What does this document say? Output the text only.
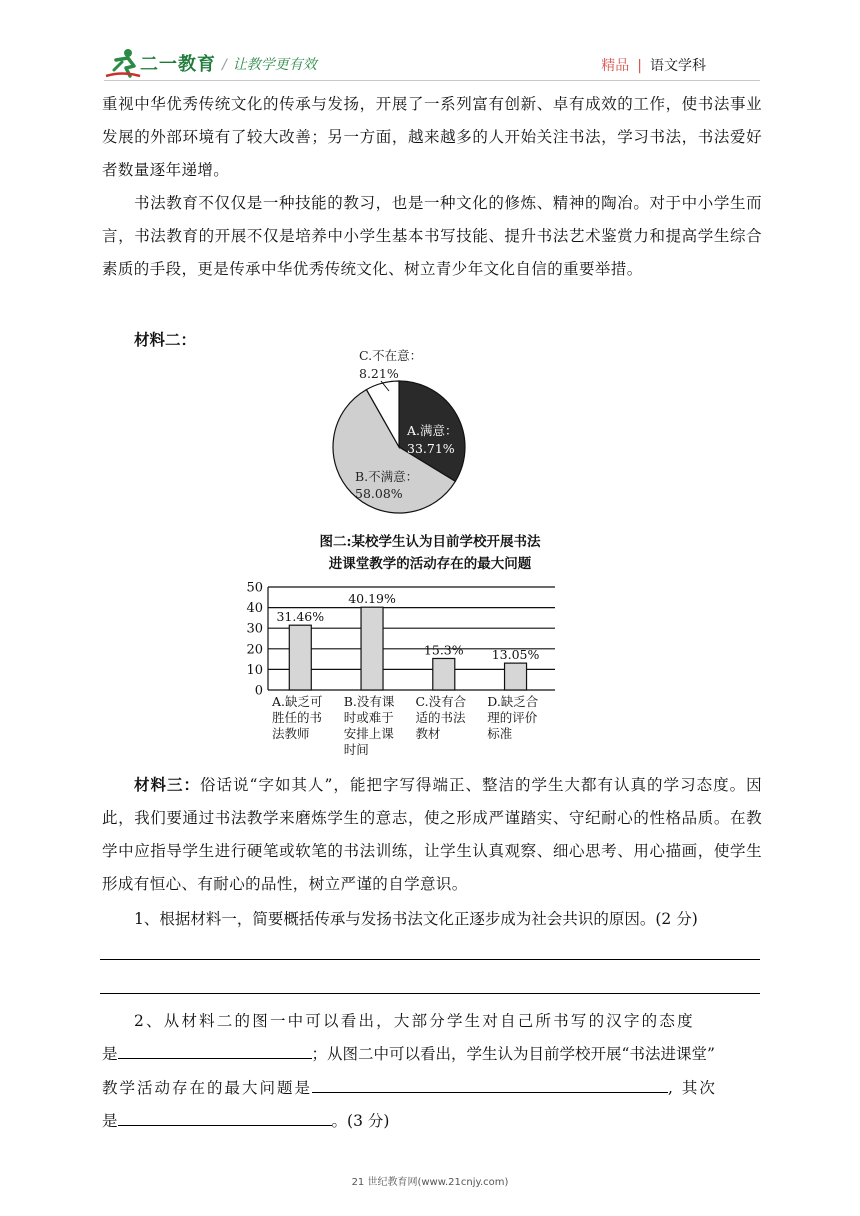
二一教育 / 让教学更有效	精品 | 语文学科
重视中华优秀传统文化的传承与发扬，开展了一系列富有创新、卓有成效的工作，使书法事业发展的外部环境有了较大改善；另一方面，越来越多的人开始关注书法，学习书法，书法爱好者数量逐年递增。
书法教育不仅仅是一种技能的教习，也是一种文化的修炼、精神的陶冶。对于中小学生而言，书法教育的开展不仅是培养中小学生基本书写技能、提升书法艺术鉴赏力和提高学生综合素质的手段，更是传承中华优秀传统文化、树立青少年文化自信的重要举措。
材料二：
A.满意：
33.71%
B.不满意：
58.08%
C.不在意：
8.21%
图二:某校学生认为目前学校开展书法
进课堂教学的活动存在的最大问题
0
10
20
30
40
50
31.46%
A.缺乏可
胜任的书
法教师
40.19%
B.没有课
时或难于
安排上课
时间
15.3%
C.没有合
适的书法
教材
13.05%
D.缺乏合
理的评价
标准
材料三：俗话说“字如其人”，能把字写得端正、整洁的学生大都有认真的学习态度。因此，我们要通过书法教学来磨炼学生的意志，使之形成严谨踏实、守纪耐心的性格品质。在教学中应指导学生进行硬笔或软笔的书法训练，让学生认真观察、细心思考、用心描画，使学生形成有恒心、有耐心的品性，树立严谨的自学意识。
1、根据材料一，简要概括传承与发扬书法文化正逐步成为社会共识的原因。(2 分)
2、从材料二的图一中可以看出，大部分学生对自己所书写的汉字的态度
是	；从图二中可以看出，学生认为目前学校开展“书法进课堂”
教学活动存在的最大问题是	, 其次
是	。(3 分)
21 世纪教育网(www.21cnjy.com)
